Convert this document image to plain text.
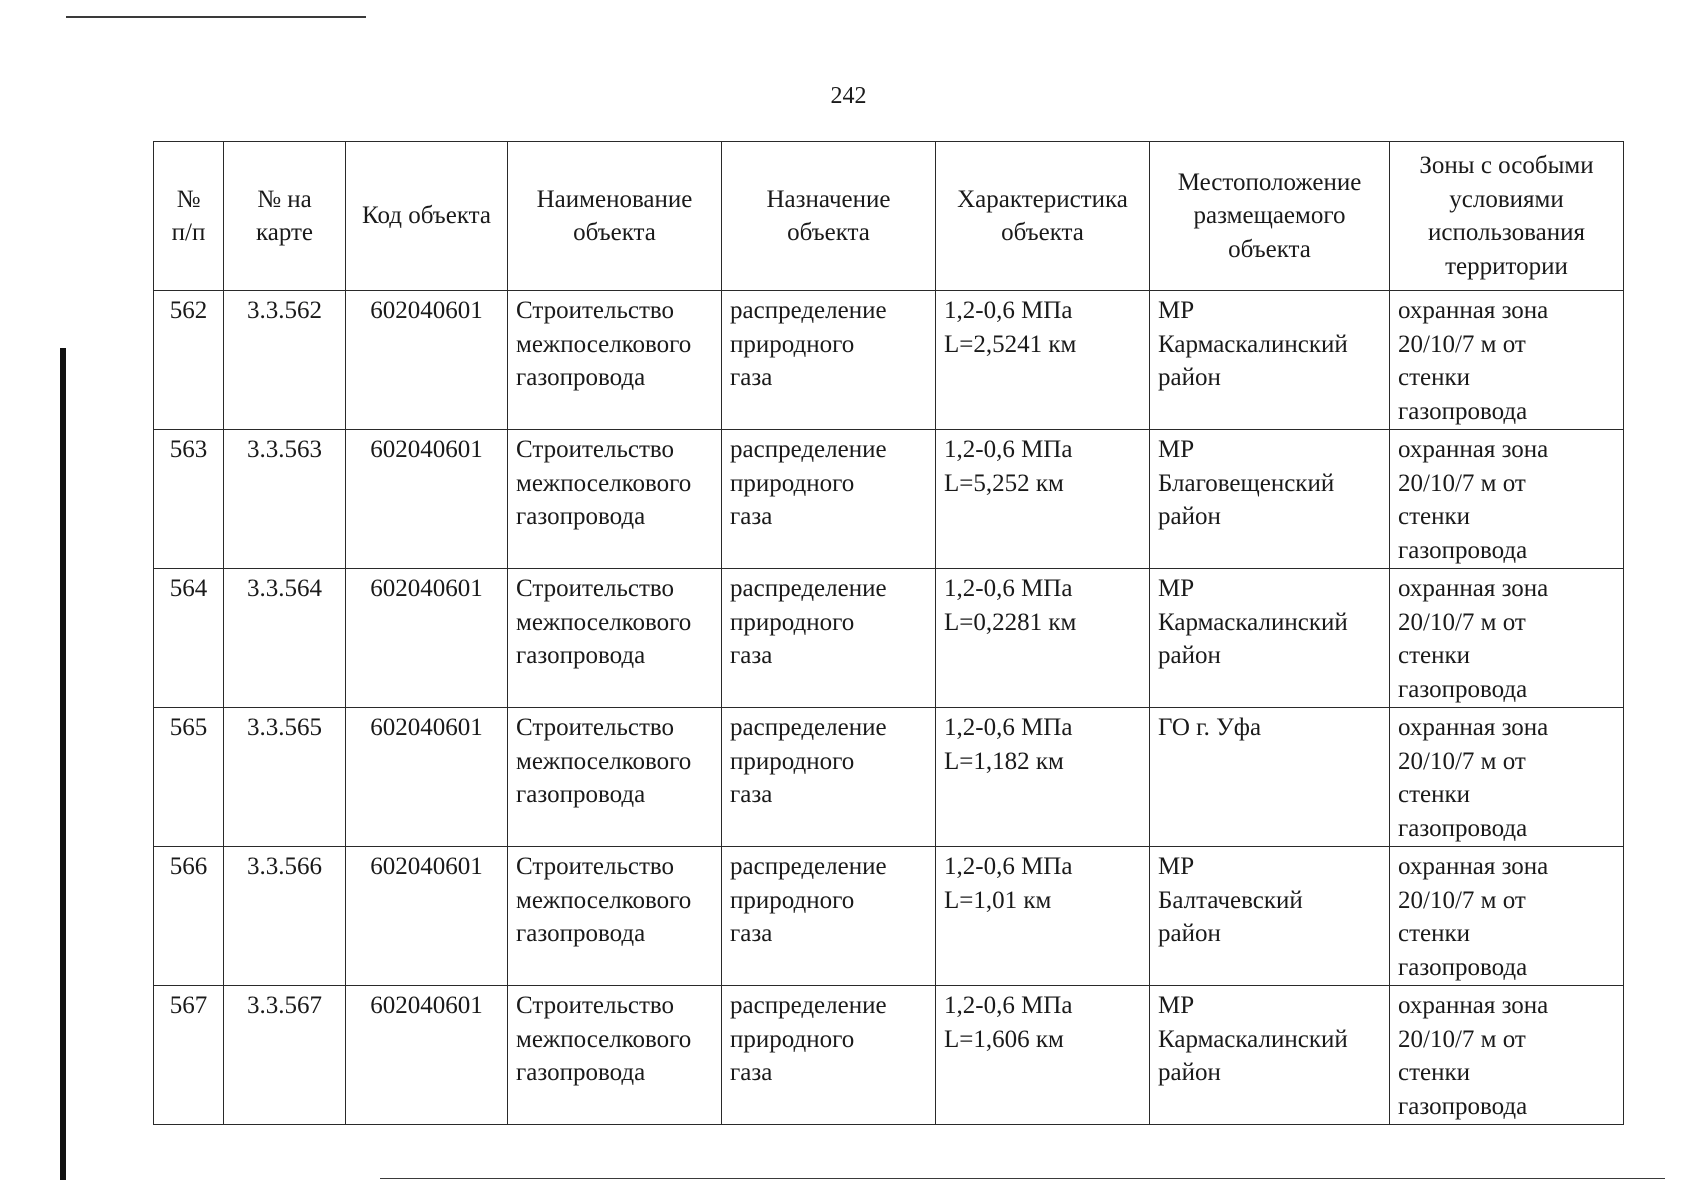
242
№
п/п	№ на
карте	Код объекта	Наименование
объекта	Назначение
объекта	Характеристика
объекта	Местоположение
размещаемого
объекта	Зоны с особыми
условиями
использования
территории

562	3.3.562	602040601	Строительство
межпоселкового
газопровода	распределение
природного
газа	1,2-0,6 МПа
L=2,5241 км	МР
Кармаскалинский
район	охранная зона
20/10/7 м от
стенки
газопровода

563	3.3.563	602040601	Строительство
межпоселкового
газопровода	распределение
природного
газа	1,2-0,6 МПа
L=5,252 км	МР
Благовещенский
район	охранная зона
20/10/7 м от
стенки
газопровода

564	3.3.564	602040601	Строительство
межпоселкового
газопровода	распределение
природного
газа	1,2-0,6 МПа
L=0,2281 км	МР
Кармаскалинский
район	охранная зона
20/10/7 м от
стенки
газопровода

565	3.3.565	602040601	Строительство
межпоселкового
газопровода	распределение
природного
газа	1,2-0,6 МПа
L=1,182 км	ГО г. Уфа	охранная зона
20/10/7 м от
стенки
газопровода

566	3.3.566	602040601	Строительство
межпоселкового
газопровода	распределение
природного
газа	1,2-0,6 МПа
L=1,01 км	МР
Балтачевский
район	охранная зона
20/10/7 м от
стенки
газопровода

567	3.3.567	602040601	Строительство
межпоселкового
газопровода	распределение
природного
газа	1,2-0,6 МПа
L=1,606 км	МР
Кармаскалинский
район	охранная зона
20/10/7 м от
стенки
газопровода
